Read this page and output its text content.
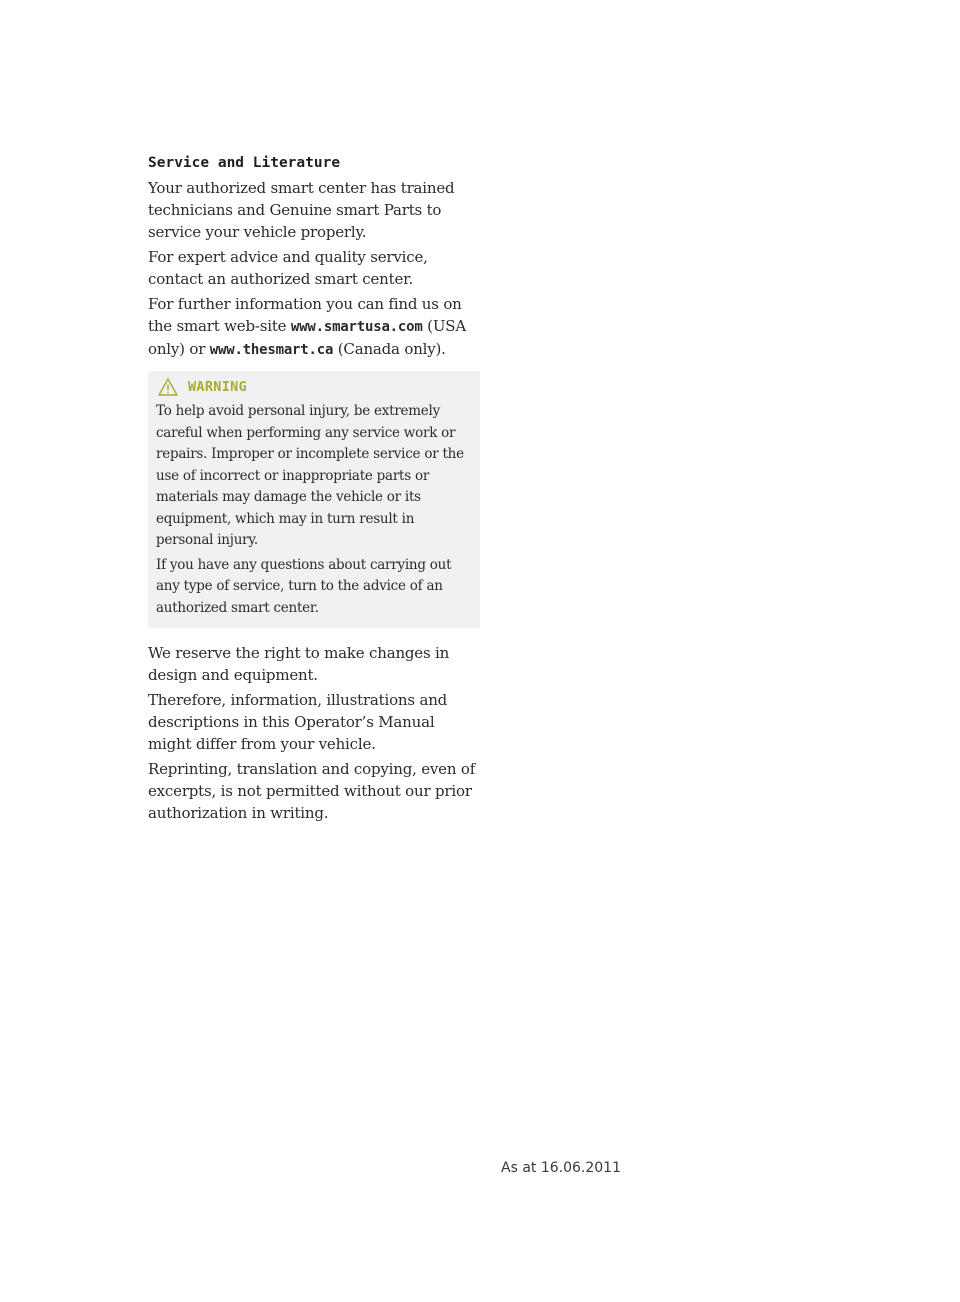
Service and Literature

Your authorized smart center has trained technicians and Genuine smart Parts to service your vehicle properly.

For expert advice and quality service, contact an authorized smart center.

For further information you can find us on the smart web-site www.smartusa.com (USA only) or www.thesmart.ca (Canada only).

WARNING

To help avoid personal injury, be extremely careful when performing any service work or repairs. Improper or incomplete service or the use of incorrect or inappropriate parts or materials may damage the vehicle or its equipment, which may in turn result in personal injury.

If you have any questions about carrying out any type of service, turn to the advice of an authorized smart center.

We reserve the right to make changes in design and equipment.

Therefore, information, illustrations and descriptions in this Operator’s Manual might differ from your vehicle.

Reprinting, translation and copying, even of excerpts, is not permitted without our prior authorization in writing.

As at 16.06.2011
